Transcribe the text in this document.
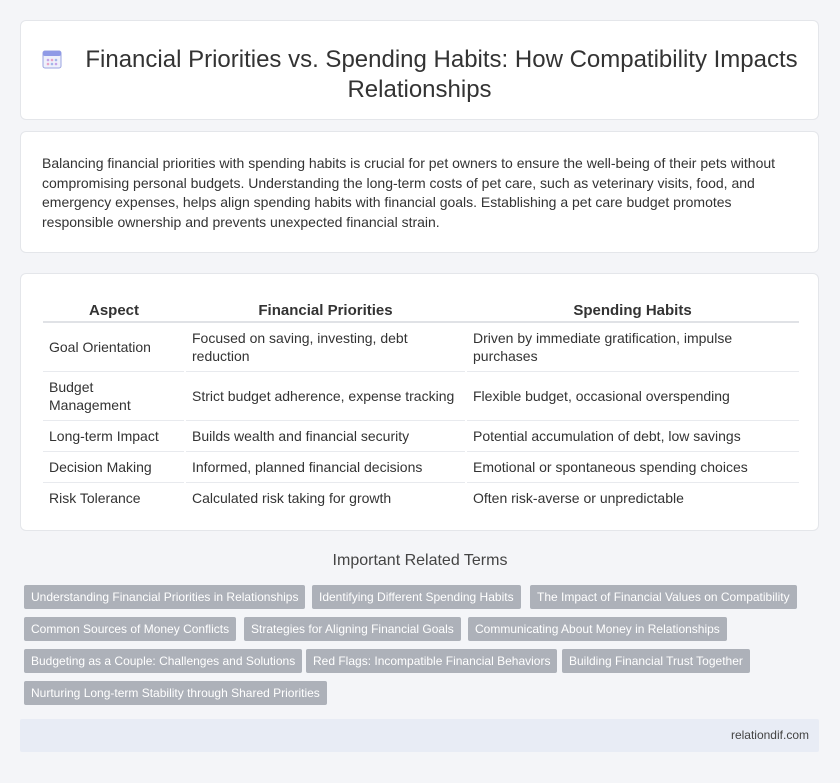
Financial Priorities vs. Spending Habits: How Compatibility Impacts Relationships

Balancing financial priorities with spending habits is crucial for pet owners to ensure the well-being of their pets without compromising personal budgets. Understanding the long-term costs of pet care, such as veterinary visits, food, and emergency expenses, helps align spending habits with financial goals. Establishing a pet care budget promotes responsible ownership and prevents unexpected financial strain.

Aspect	Financial Priorities	Spending Habits
Goal Orientation	Focused on saving, investing, debt reduction	Driven by immediate gratification, impulse purchases
Budget Management	Strict budget adherence, expense tracking	Flexible budget, occasional overspending
Long-term Impact	Builds wealth and financial security	Potential accumulation of debt, low savings
Decision Making	Informed, planned financial decisions	Emotional or spontaneous spending choices
Risk Tolerance	Calculated risk taking for growth	Often risk-averse or unpredictable
Important Related Terms
Understanding Financial Priorities in Relationships	Identifying Different Spending Habits	The Impact of Financial Values on Compatibility
Common Sources of Money Conflicts	Strategies for Aligning Financial Goals	Communicating About Money in Relationships
Budgeting as a Couple: Challenges and Solutions	Red Flags: Incompatible Financial Behaviors	Building Financial Trust Together
Nurturing Long-term Stability through Shared Priorities
relationdif.com
